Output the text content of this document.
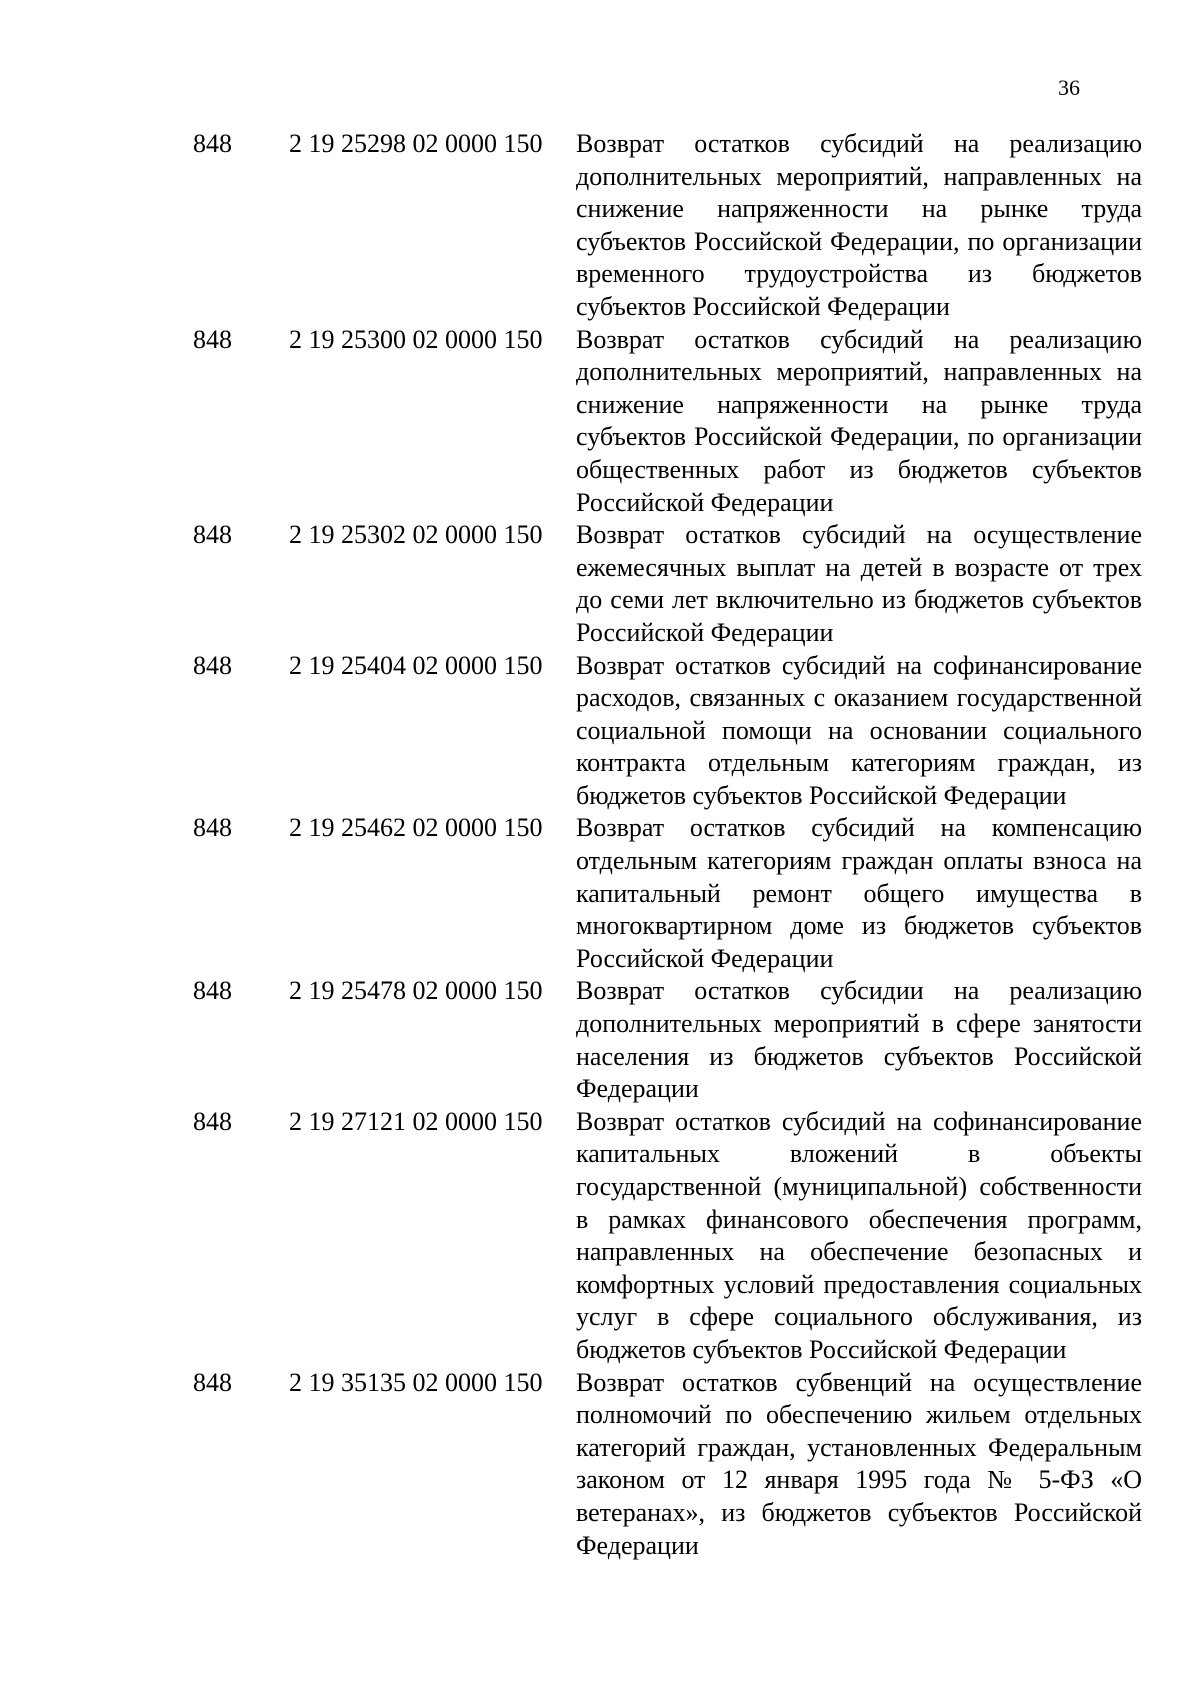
36
848 2 19 25298 02 0000 150 Возврат остатков субсидий на реализацию дополнительных мероприятий, направленных на снижение напряженности на рынке труда субъектов Российской Федерации, по организации временного трудоустройства из бюджетов субъектов Российской Федерации
848 2 19 25300 02 0000 150 Возврат остатков субсидий на реализацию дополнительных мероприятий, направленных на снижение напряженности на рынке труда субъектов Российской Федерации, по организации общественных работ из бюджетов субъектов Российской Федерации
848 2 19 25302 02 0000 150 Возврат остатков субсидий на осуществление ежемесячных выплат на детей в возрасте от трех до семи лет включительно из бюджетов субъектов Российской Федерации
848 2 19 25404 02 0000 150 Возврат остатков субсидий на софинансирование расходов, связанных с оказанием государственной социальной помощи на основании социального контракта отдельным категориям граждан, из бюджетов субъектов Российской Федерации
848 2 19 25462 02 0000 150 Возврат остатков субсидий на компенсацию отдельным категориям граждан оплаты взноса на капитальный ремонт общего имущества в многоквартирном доме из бюджетов субъектов Российской Федерации
848 2 19 25478 02 0000 150 Возврат остатков субсидии на реализацию дополнительных мероприятий в сфере занятости населения из бюджетов субъектов Российской Федерации
848 2 19 27121 02 0000 150 Возврат остатков субсидий на софинансирование капитальных вложений в объекты государственной (муниципальной) собственности в рамках финансового обеспечения программ, направленных на обеспечение безопасных и комфортных условий предоставления социальных услуг в сфере социального обслуживания, из бюджетов субъектов Российской Федерации
848 2 19 35135 02 0000 150 Возврат остатков субвенций на осуществление полномочий по обеспечению жильем отдельных категорий граждан, установленных Федеральным законом от 12 января 1995 года № 5-ФЗ «О ветеранах», из бюджетов субъектов Российской Федерации
